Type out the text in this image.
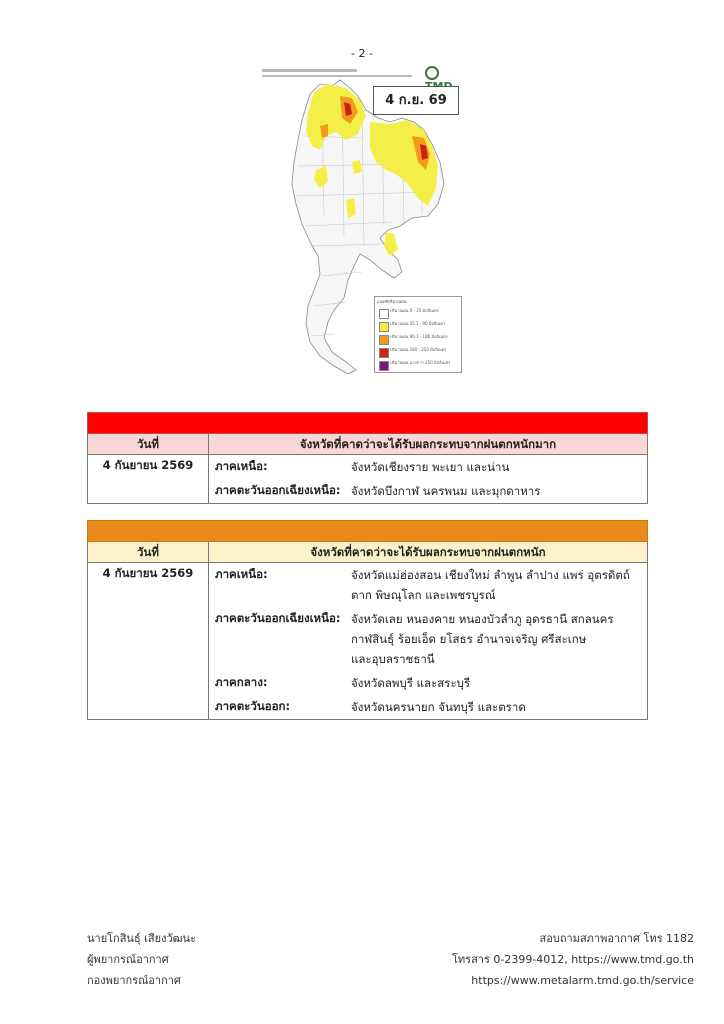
- 2 -
4 ก.ย. 69
เกณฑ์ปริมาณฝน
ปริมาณฝน 0 - 35 มิลลิเมตร
ปริมาณฝน 35.1 - 90 มิลลิเมตร
ปริมาณฝน 90.1 - 180 มิลลิเมตร
ปริมาณฝน 180 - 250 มิลลิเมตร
ปริมาณฝน มากกว่า 250 มิลลิเมตร

วันที่	จังหวัดที่คาดว่าจะได้รับผลกระทบจากฝนตกหนักมาก
4 กันยายน 2569	ภาคเหนือ:	จังหวัดเชียงราย พะเยา และน่าน

ภาคตะวันออกเฉียงเหนือ:	จังหวัดบึงกาฬ นครพนม และมุกดาหาร

วันที่	จังหวัดที่คาดว่าจะได้รับผลกระทบจากฝนตกหนัก
4 กันยายน 2569	ภาคเหนือ:	จังหวัดแม่ฮ่องสอน เชียงใหม่ ลำพูน ลำปาง แพร่ อุตรดิตถ์
ตาก พิษณุโลก และเพชรบูรณ์

ภาคตะวันออกเฉียงเหนือ:	จังหวัดเลย หนองคาย หนองบัวลำภู อุดรธานี สกลนคร
กาฬสินธุ์ ร้อยเอ็ด ยโสธร อำนาจเจริญ ศรีสะเกษ
และอุบลราชธานี

ภาคกลาง:	จังหวัดลพบุรี และสระบุรี

ภาคตะวันออก:	จังหวัดนครนายก จันทบุรี และตราด
นายโกสินธุ์ เสียงวัฒนะ
ผู้พยากรณ์อากาศ
กองพยากรณ์อากาศ
สอบถามสภาพอากาศ โทร 1182
โทรสาร 0-2399-4012, https://www.tmd.go.th
https://www.metalarm.tmd.go.th/service
